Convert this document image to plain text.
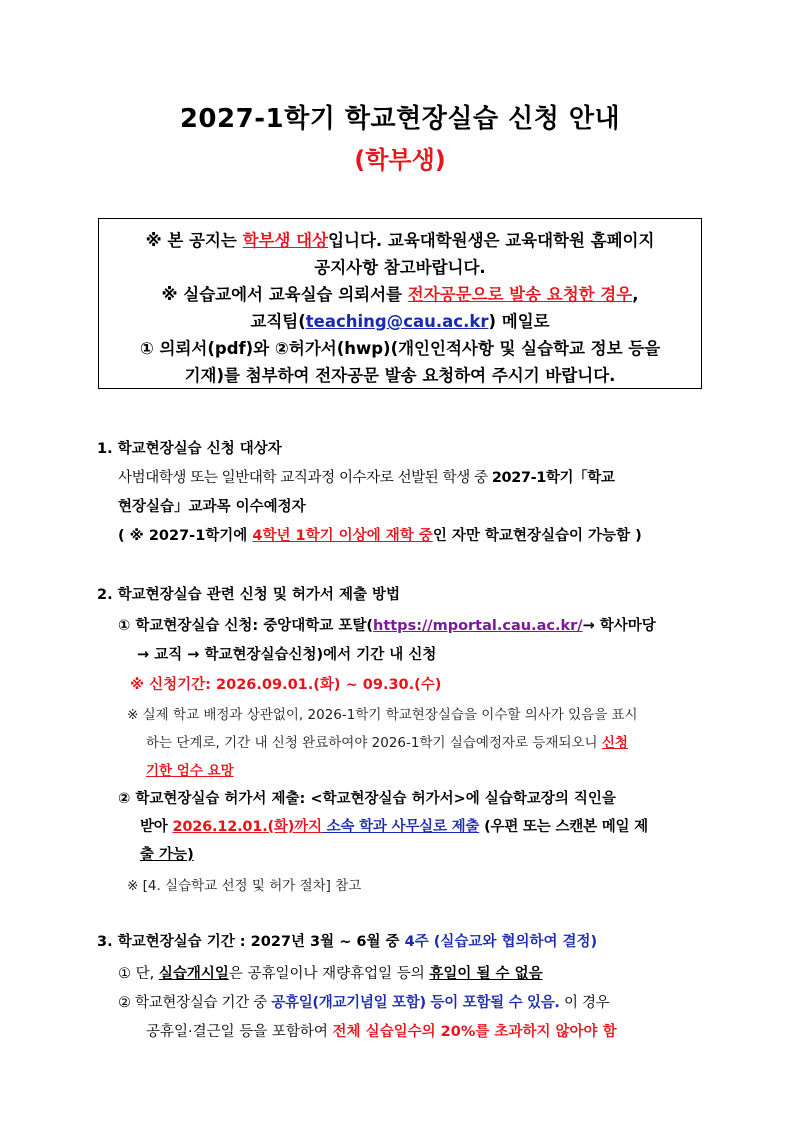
2027-1학기 학교현장실습 신청 안내
(학부생)
※ 본 공지는 학부생 대상입니다. 교육대학원생은 교육대학원 홈페이지
공지사항 참고바랍니다.
※ 실습교에서 교육실습 의뢰서를 전자공문으로 발송 요청한 경우,
교직팀(teaching@cau.ac.kr) 메일로
① 의뢰서(pdf)와 ②허가서(hwp)(개인인적사항 및 실습학교 정보 등을
기재)를 첨부하여 전자공문 발송 요청하여 주시기 바랍니다.
1. 학교현장실습 신청 대상자
사범대학생 또는 일반대학 교직과정 이수자로 선발된 학생 중 2027-1학기「학교
현장실습」교과목 이수예정자
( ※ 2027-1학기에 4학년 1학기 이상에 재학 중인 자만 학교현장실습이 가능함 )
2. 학교현장실습 관련 신청 및 허가서 제출 방법
① 학교현장실습 신청: 중앙대학교 포탈(https://mportal.cau.ac.kr/→ 학사마당
→ 교직 → 학교현장실습신청)에서 기간 내 신청
※ 신청기간: 2026.09.01.(화) ~ 09.30.(수)
※ 실제 학교 배정과 상관없이, 2026-1학기 학교현장실습을 이수할 의사가 있음을 표시
하는 단계로, 기간 내 신청 완료하여야 2026-1학기 실습예정자로 등재되오니 신청
기한 엄수 요망
② 학교현장실습 허가서 제출: <학교현장실습 허가서>에 실습학교장의 직인을
받아 2026.12.01.(화)까지 소속 학과 사무실로 제출 (우편 또는 스캔본 메일 제
출 가능)
※ [4. 실습학교 선정 및 허가 절차] 참고
3. 학교현장실습 기간 : 2027년 3월 ~ 6월 중 4주 (실습교와 협의하여 결정)
① 단, 실습개시일은 공휴일이나 재량휴업일 등의 휴일이 될 수 없음
② 학교현장실습 기간 중 공휴일(개교기념일 포함) 등이 포함될 수 있음. 이 경우
공휴일·결근일 등을 포함하여 전체 실습일수의 20%를 초과하지 않아야 함
